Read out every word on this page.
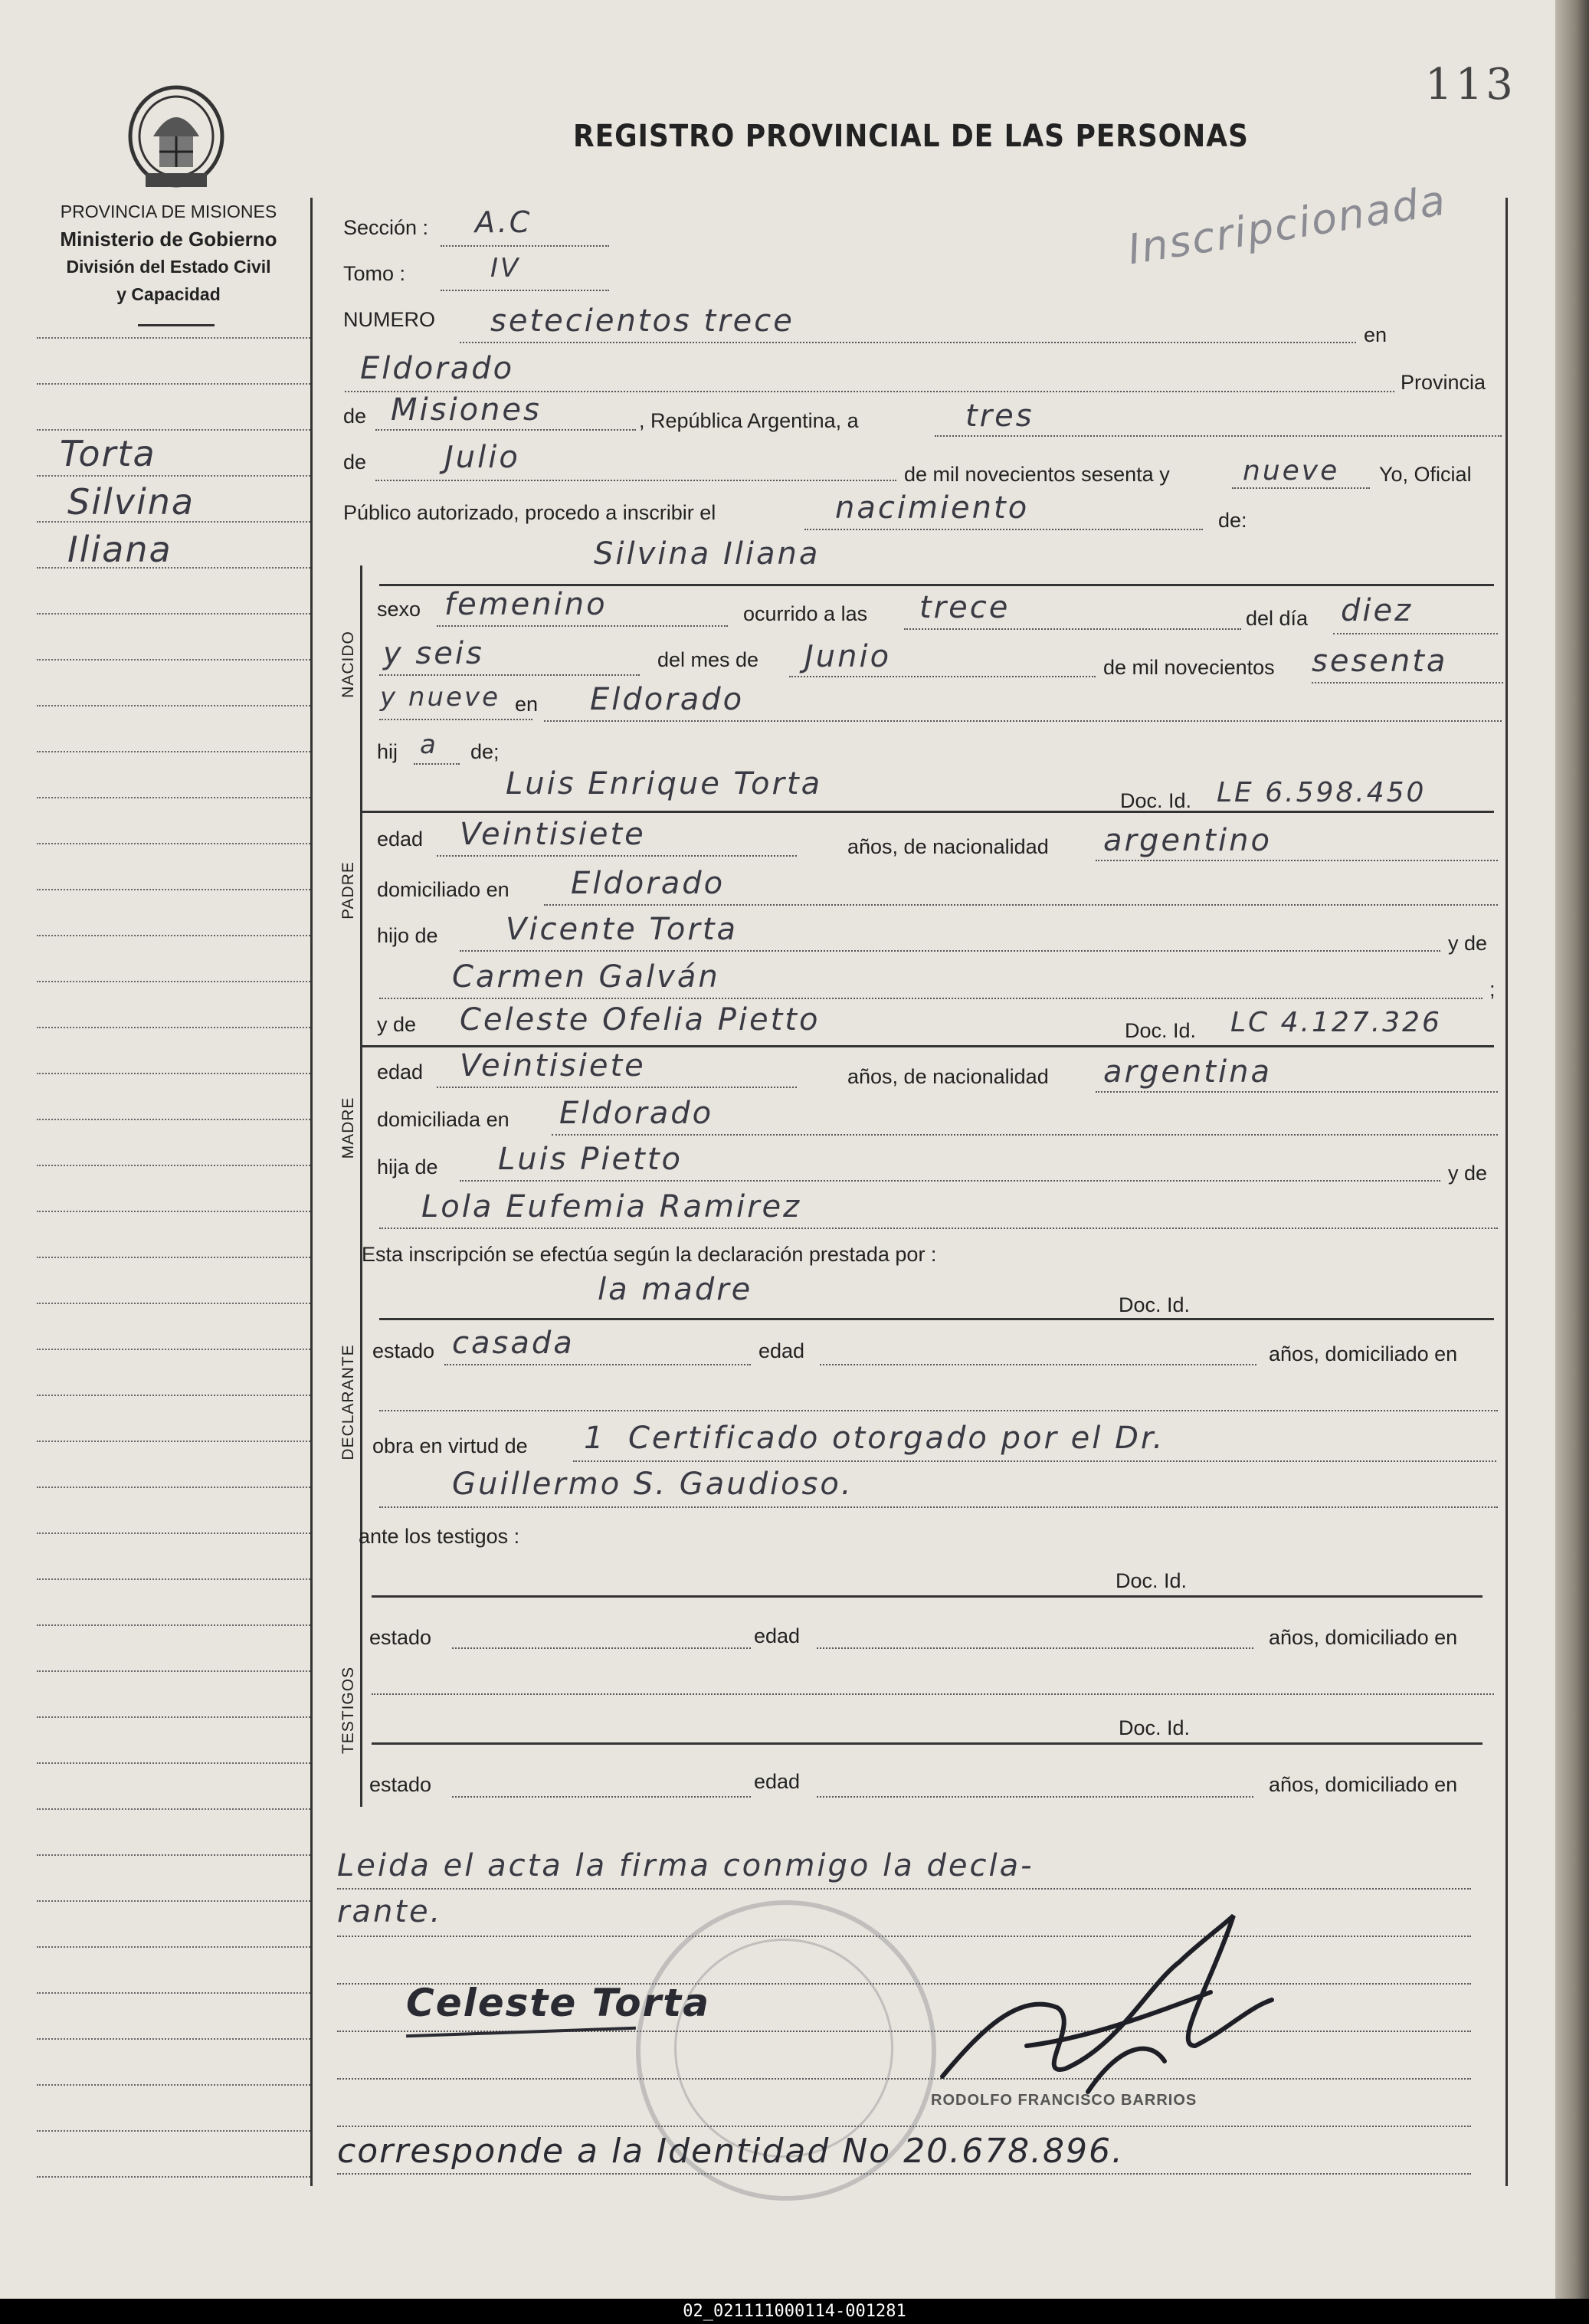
PROVINCIA DE MISIONES
Ministerio de Gobierno
División del Estado Civil
y Capacidad
113
REGISTRO PROVINCIAL DE LAS PERSONAS
Inscripcionada
Torta
Silvina
Iliana
Sección : A.C
Tomo :	IV
NUMERO setecientos trece	en
Eldorado	Provincia
de Misiones	, República Argentina, a	tres
de	Julio	de mil novecientos sesenta y	nueve Yo, Oficial
Público autorizado, procedo a inscribir el	nacimiento	de:
Silvina Iliana
NACIDO
sexo femenino	ocurrido a las trece	del día diez
y seis	del mes de Junio	de mil novecientos sesenta
y nueve en Eldorado
hij a de;
Luis Enrique Torta	Doc. Id. LE 6.598.450
PADRE
edad Veintisiete	años, de nacionalidad argentino
domiciliado en Eldorado
hijo de Vicente Torta	y de
Carmen Galván	;
y de Celeste Ofelia Pietto	Doc. Id. LC 4.127.326
MADRE
edad Veintisiete	años, de nacionalidad argentina
domiciliada en Eldorado
hija de Luis Pietto	y de
Lola Eufemia Ramirez
Esta inscripción se efectúa según la declaración prestada por :
la madre	Doc. Id.
DECLARANTE estado casada	edad	años, domiciliado en
obra en virtud de 1 Certificado otorgado por el Dr.
Guillermo S. Gaudioso.
ante los testigos :
Doc. Id.
TESTIGOS
estado	edad	años, domiciliado en
Doc. Id.
estado	edad	años, domiciliado en
Leida el acta la firma conmigo la decla-
rante.
Celeste Torta
RODOLFO FRANCISCO BARRIOS
corresponde a la Identidad No 20.678.896.
02_021111000114-001281
